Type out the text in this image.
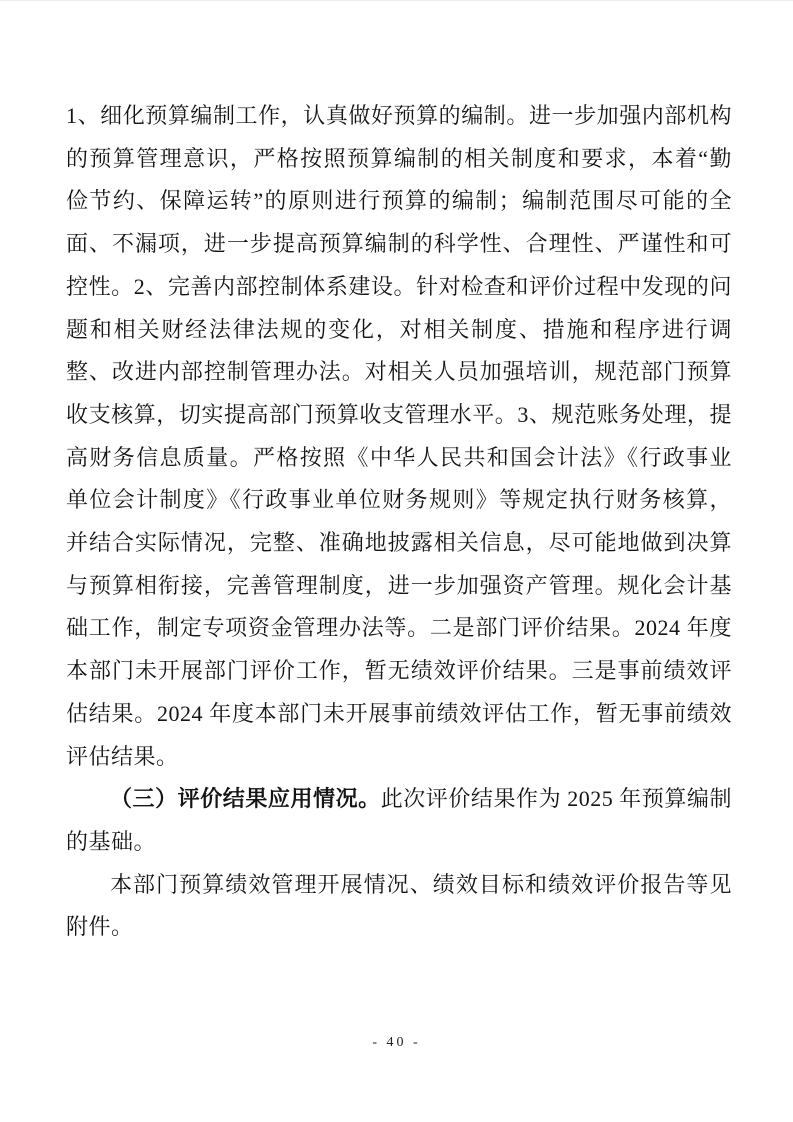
1、细化预算编制工作，认真做好预算的编制。进一步加强内部机构
的预算管理意识，严格按照预算编制的相关制度和要求，本着“勤
俭节约、保障运转”的原则进行预算的编制；编制范围尽可能的全
面、不漏项，进一步提高预算编制的科学性、合理性、严谨性和可
控性。2、完善内部控制体系建设。针对检查和评价过程中发现的问
题和相关财经法律法规的变化，对相关制度、措施和程序进行调
整、改进内部控制管理办法。对相关人员加强培训，规范部门预算
收支核算，切实提高部门预算收支管理水平。3、规范账务处理，提
高财务信息质量。严格按照《中华人民共和国会计法》《行政事业
单位会计制度》《行政事业单位财务规则》等规定执行财务核算，
并结合实际情况，完整、准确地披露相关信息，尽可能地做到决算
与预算相衔接，完善管理制度，进一步加强资产管理。规化会计基
础工作，制定专项资金管理办法等。二是部门评价结果。2024 年度
本部门未开展部门评价工作，暂无绩效评价结果。三是事前绩效评
估结果。2024 年度本部门未开展事前绩效评估工作，暂无事前绩效
评估结果。
（三）评价结果应用情况。此次评价结果作为 2025 年预算编制
的基础。
本部门预算绩效管理开展情况、绩效目标和绩效评价报告等见
附件。
- 40 -
